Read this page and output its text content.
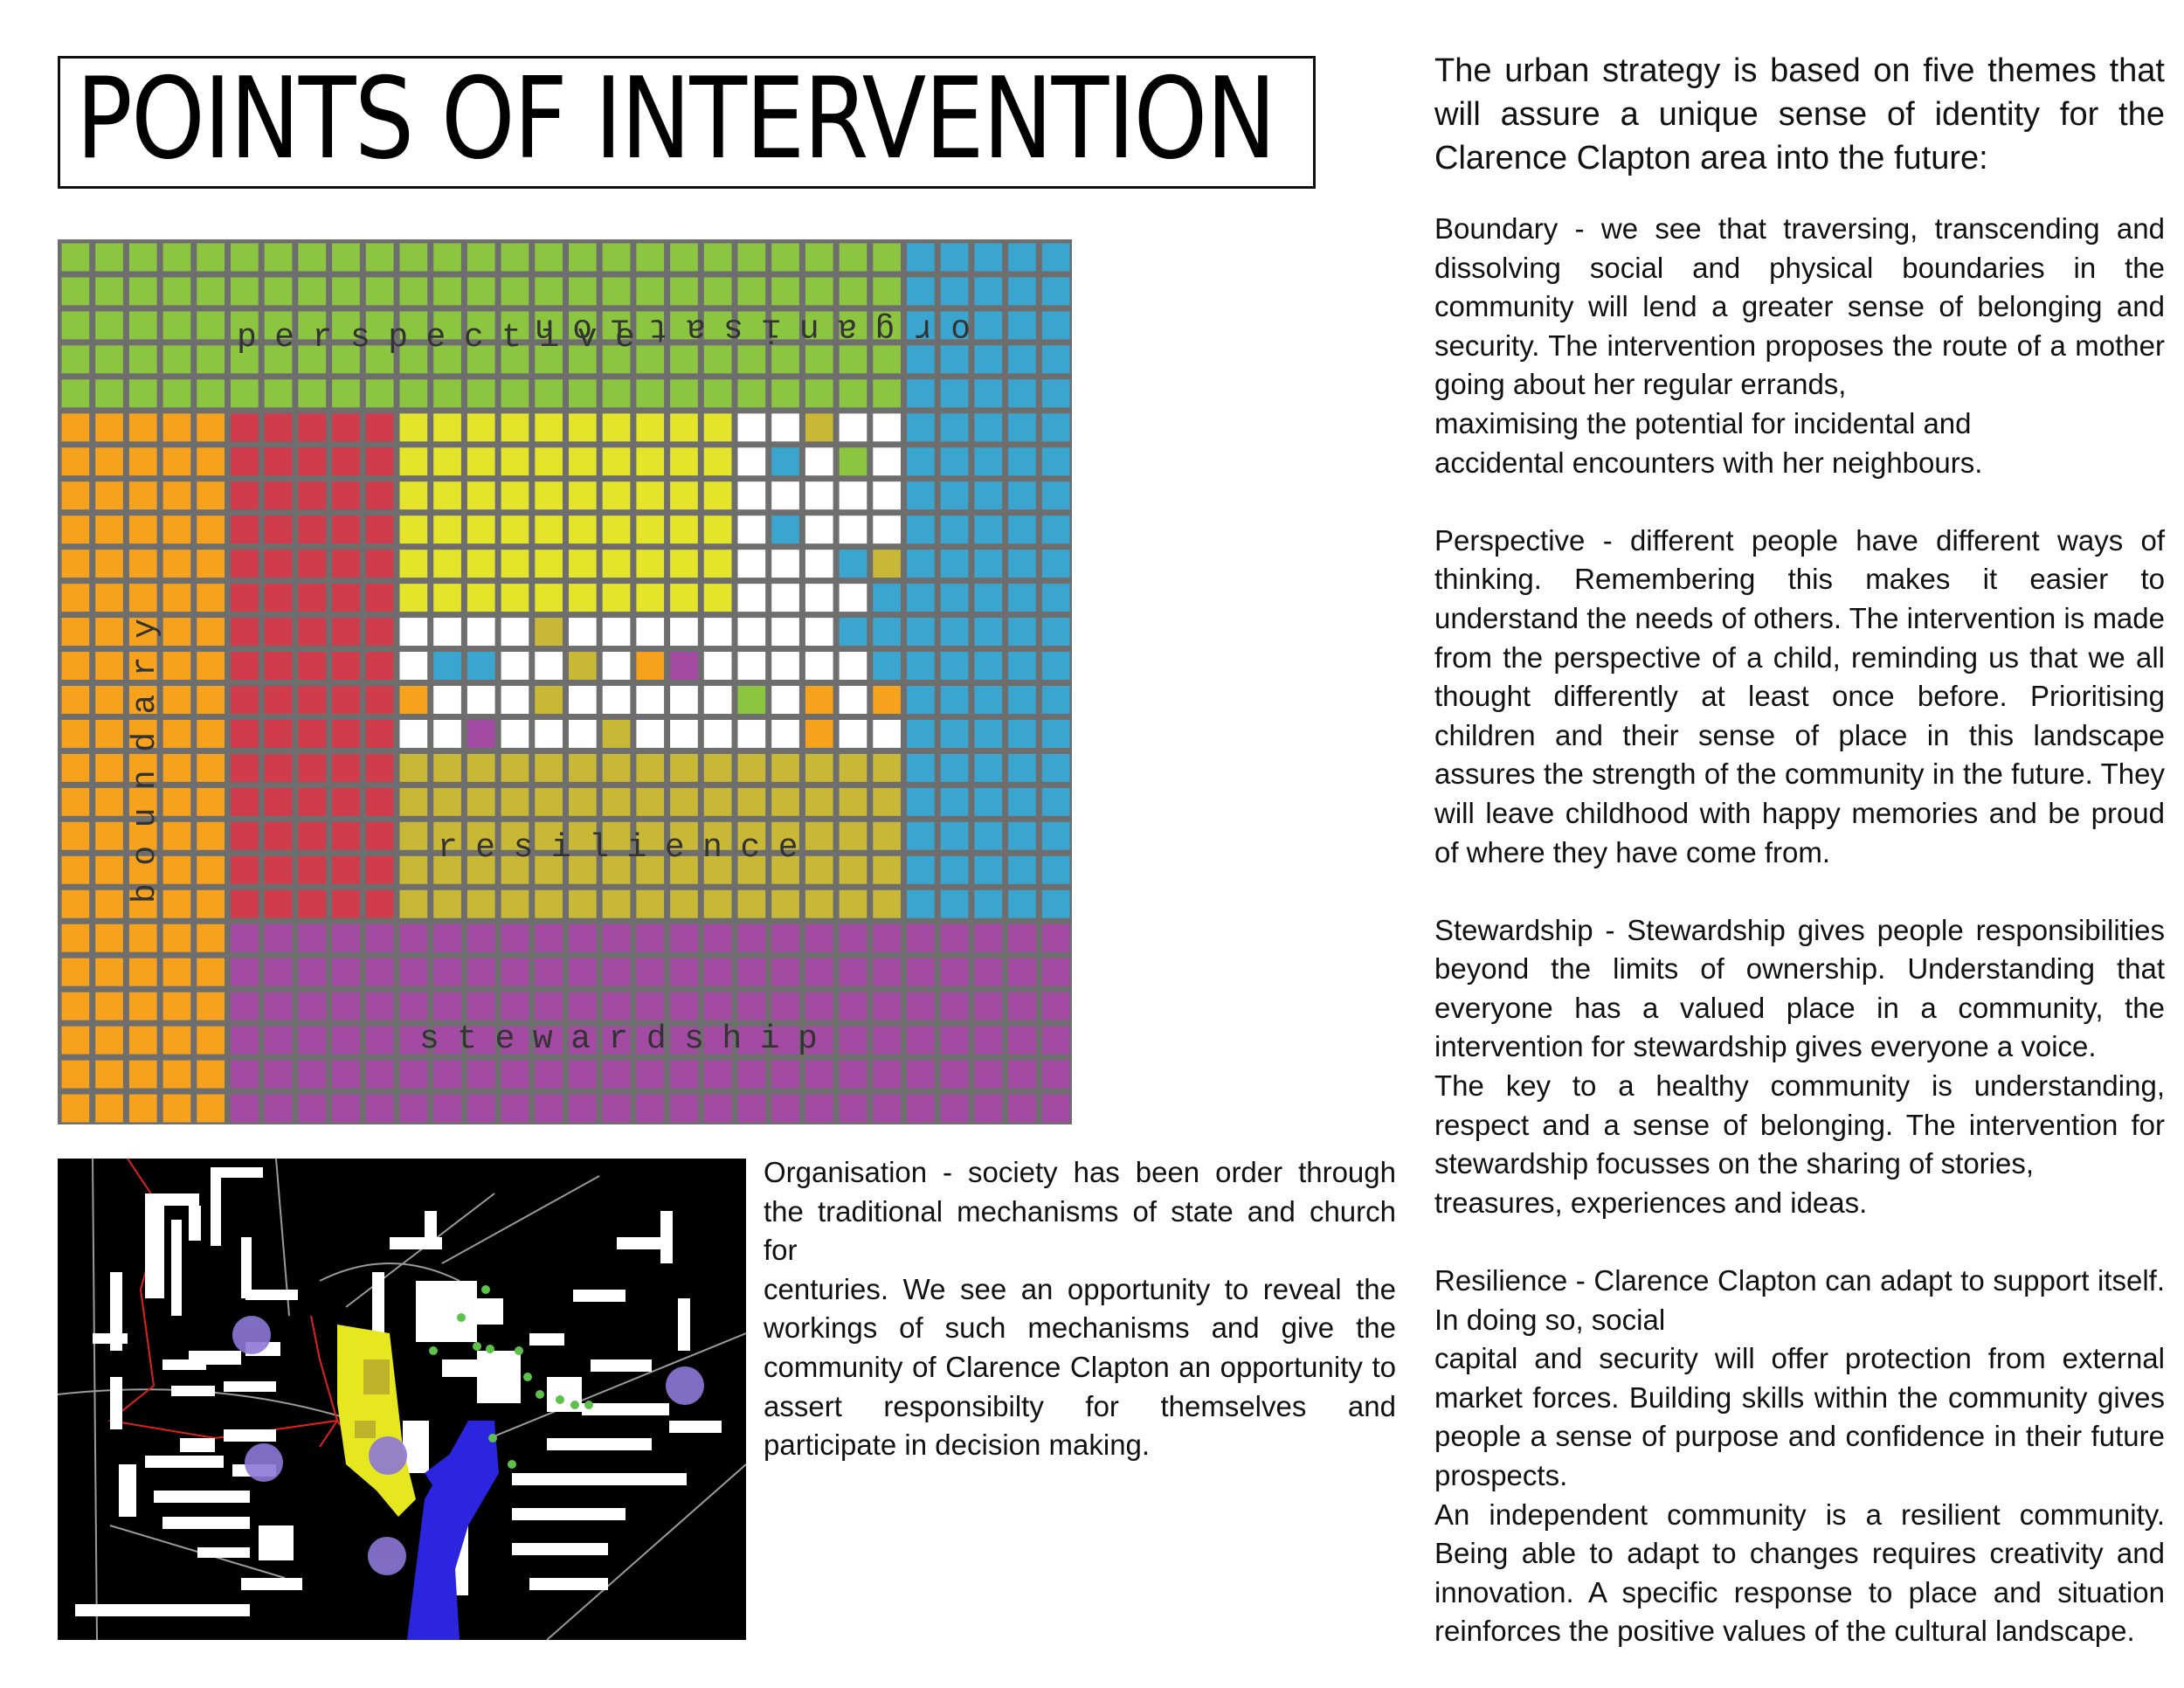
POINTS OF INTERVENTION
perspective
resilience
stewardship
organisation
boundary
The urban strategy is based on five themes that will assure a unique sense of identity for the Clarence Clapton area into the future:

Boundary - we see that traversing, transcending and dissolving social and physical boundaries in the community will lend a greater sense of belonging and security. The intervention proposes the route of a mother going about her regular errands,

maximising the potential for incidental and

accidental encounters with her neighbours.

Perspective - different people have different ways of thinking. Remembering this makes it easier to understand the needs of others. The intervention is made from the perspective of a child, reminding us that we all thought differently at least once before. Prioritising children and their sense of place in this landscape assures the strength of the community in the future. They will leave childhood with happy memories and be proud of where they have come from.

Stewardship - Stewardship gives people responsibilities beyond the limits of ownership. Understanding that everyone has a valued place in a community, the intervention for stewardship gives everyone a voice.

The key to a healthy community is understanding, respect and a sense of belonging. The intervention for stewardship focusses on the sharing of stories,

treasures, experiences and ideas.

Resilience - Clarence Clapton can adapt to support itself. In doing so, social

capital and security will offer protection from external market forces. Building skills within the community gives people a sense of purpose and confidence in their future prospects.

An independent community is a resilient community. Being able to adapt to changes requires creativity and innovation. A specific response to place and situation reinforces the positive values of the cultural landscape.

Organisation - society has been order through the traditional mechanisms of state and church for

centuries. We see an opportunity to reveal the workings of such mechanisms and give the community of Clarence Clapton an opportunity to assert responsibilty for themselves and participate in decision making.
